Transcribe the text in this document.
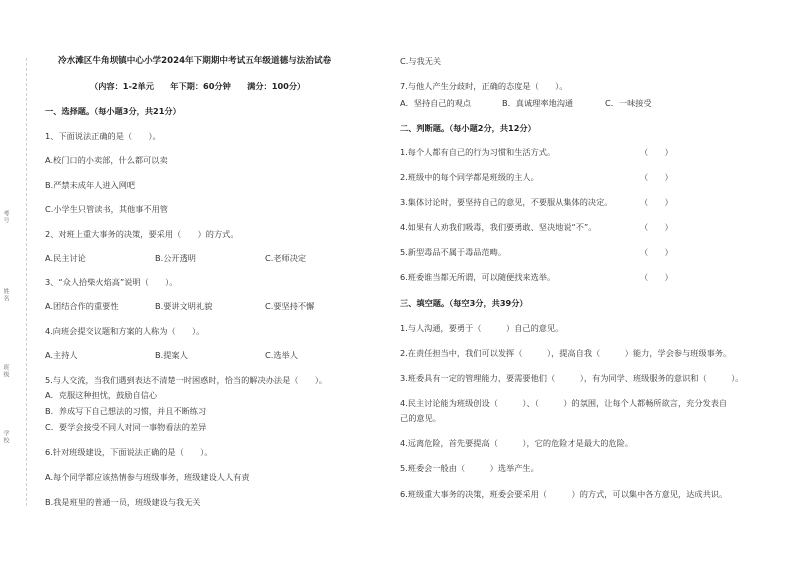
考号
姓名
班级
学校
冷水滩区牛角坝镇中心小学2024年下期期中考试五年级道德与法治试卷
（内容：1-2单元　　年下期：60分钟　　满分：100分）
一、选择题。（每小题3分，共21分）
1、下面说法正确的是（　　）。
A.校门口的小卖部，什么都可以卖
B.严禁未成年人进入网吧
C.小学生只管读书，其他事不用管
2、对班上重大事务的决策，要采用（　　）的方式。
A.民主讨论	B.公开透明	C.老师决定
3、“众人拾柴火焰高”说明（　　）。
A.团结合作的重要性	B.要讲文明礼貌	C.要坚持不懈
4.向班会提交议题和方案的人称为（　　）。
A.主持人	B.提案人	C.选举人
5.与人交流，当我们遇到表达不清楚一时困惑时，恰当的解决办法是（　　）。
A．克服这种担忧，鼓励自信心
B．养成写下自己想法的习惯，并且不断练习
C．要学会接受不同人对同一事物看法的差异
6.针对班级建设，下面说法正确的是（　　）。
A.每个同学都应该热情参与班级事务，班级建设人人有责
B.我是班里的普通一员，班级建设与我无关
C.与我无关
7.与他人产生分歧时，正确的态度是（　　）。
A．坚持自己的观点	B．真诚理率地沟通	C．一味接受
二、判断题。（每小题2分，共12分）
1.每个人都有自己的行为习惯和生活方式。	（　　）
2.班级中的每个同学都是班级的主人。	（　　）
3.集体讨论时，要坚持自己的意见，不要服从集体的决定。	（　　）
4.如果有人劝我们吸毒，我们要勇敢、坚决地说“不”。	（　　）
5.新型毒品不属于毒品范畴。	（　　）
6.班委谁当都无所谓，可以随便找来选举。	（　　）
三、填空题。（每空3分，共39分）
1.与人沟通，要勇于（　　　）自己的意见。
2.在责任担当中，我们可以发挥（　　　），提高自我（　　　）能力，学会参与班级事务。
3.班委具有一定的管理能力，要需要他们（　　　），有为同学、班级服务的意识和（　　　）。
4.民主讨论能为班级创设（　　　）、（　　　）的氛围，让每个人都畅所欲言，充分发表自
己的意见。
4.远离危险，首先要提高（　　　），它的危险才是最大的危险。
5.班委会一般由（　　　）选举产生。
6.班级重大事务的决策，班委会要采用（　　　）的方式，可以集中各方意见，达成共识。
